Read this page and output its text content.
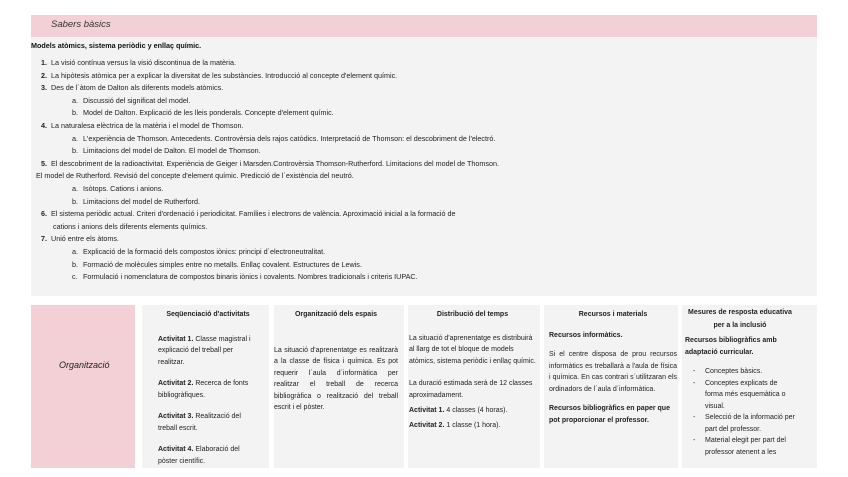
Sabers bàsics
Models atòmics, sistema periòdic y enllaç químic.
1. La visió contínua versus la visió discontinua de la matèria.
2. La hipòtesis atòmica per a explicar la diversitat de les substàncies. Introducció al concepte d'element químic.
3. Des de l´àtom de Dalton als diferents models atòmics.
a. Discussió del significat del model.
b. Model de Dalton. Explicació de les lleis ponderals. Concepte d'element químic.
4. La naturalesa elèctrica de la matèria i el model de Thomson.
a. L'experiència de Thomson. Antecedents. Controvèrsia dels rajos catòdics. Interpretació de Thomson: el descobriment de l'electró.
b. Limitacions del model de Dalton. El model de Thomson.
5. El descobriment de la radioactivitat. Experiència de Geiger i Marsden.Controvèrsia Thomson-Rutherford. Limitacions del model de Thomson.
El model de Rutherford. Revisió del concepte d'element químic. Predicció de l´existència del neutró.
a. Isòtops. Cations i anions.
b. Limitacions del model de Rutherford.
6. El sistema periòdic actual. Criteri d'ordenació i periodicitat. Famílies i electrons de valència. Aproximació inicial a la formació de
cations i anions dels diferents elements químics.
7. Unió entre els àtoms.
a. Explicació de la formació dels compostos iònics: principi d´electroneutralitat.
b. Formació de molècules simples entre no metalls. Enllaç covalent. Estructures de Lewis.
c. Formulació i nomenclatura de compostos binaris iònics i covalents. Nombres tradicionals i criteris IUPAC.
Organització
Seqüenciació d'activitats

Activitat 1. Classe magistral i explicació del treball per realitzar.

Activitat 2. Recerca de fonts bibliogràfiques.

Activitat 3. Realització del treball escrit.

Activitat 4. Elaboració del pòster científic.

Organització dels espais

La situació d'aprenentatge es realitzarà a la classe de física i química. Es pot requerir l´aula d´informàtica per realitzar el treball de recerca bibliogràfica o realització del treball escrit i el pòster.

Distribució del temps

La situació d'aprenentatge es distribuirà al llarg de tot el bloque de models atòmics, sistema periòdic i enllaç químic.

La duració estimada serà de 12 classes aproximadament.

Activitat 1. 4 classes (4 horas).

Activitat 2. 1 classe (1 hora).

Recursos i materials

Recursos informàtics.

Si el centre disposa de prou recursos informàtics es treballarà a l'aula de física i química. En cas contrari s´utilitzaran els ordinadors de l´aula d´informàtica.

Recursos bibliogràfics en paper que pot proporcionar el professor.

Mesures de resposta educativa per a la inclusió

Recursos bibliogràfics amb adaptació curricular.

- Conceptes bàsics.
- Conceptes explicats de forma més esquemàtica o visual.
- Selecció de la informació per part del professor.
- Material elegit per part del professor atenent a les
